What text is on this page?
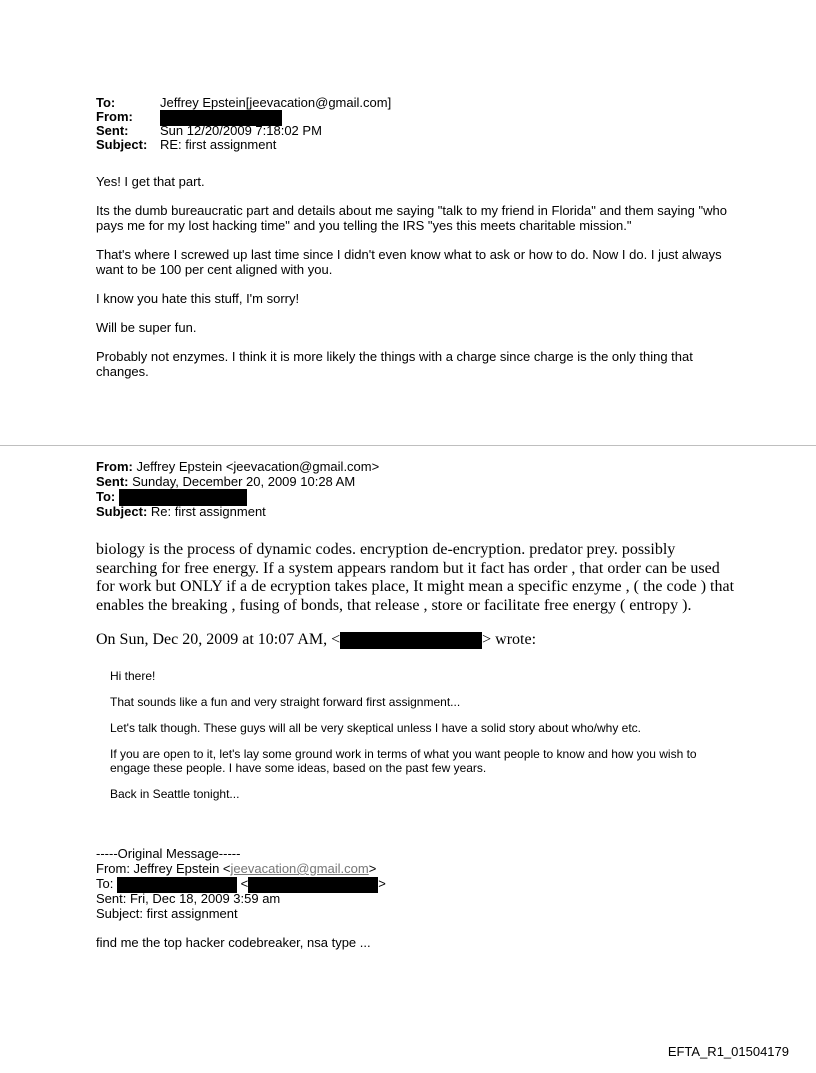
To:	Jeffrey Epstein[jeevacation@gmail.com]
From:
Sent:	Sun 12/20/2009 7:18:02 PM
Subject: RE: first assignment

Yes! I get that part.

Its the dumb bureaucratic part and details about me saying "talk to my friend in Florida" and them saying "who pays me for my lost hacking time" and you telling the IRS "yes this meets charitable mission."

That's where I screwed up last time since I didn't even know what to ask or how to do. Now I do. I just always want to be 100 per cent aligned with you.

I know you hate this stuff, I'm sorry!

Will be super fun.

Probably not enzymes. I think it is more likely the things with a charge since charge is the only thing that changes.

From: Jeffrey Epstein <jeevacation@gmail.com>
Sent: Sunday, December 20, 2009 10:28 AM
To:
Subject: Re: first assignment

biology is the process of dynamic codes. encryption de-encryption. predator prey. possibly searching for free energy. If a system appears random but it fact has order , that order can be used for work but ONLY if a de ecryption takes place, It might mean a specific enzyme , ( the code ) that enables the breaking , fusing of bonds, that release , store or facilitate free energy ( entropy ).

On Sun, Dec 20, 2009 at 10:07 AM, <	> wrote:

Hi there!

That sounds like a fun and very straight forward first assignment...

Let's talk though. These guys will all be very skeptical unless I have a solid story about who/why etc.

If you are open to it, let's lay some ground work in terms of what you want people to know and how you wish to engage these people. I have some ideas, based on the past few years.

Back in Seattle tonight...

-----Original Message-----
From: Jeffrey Epstein <jeevacation@gmail.com>
To:	<	>
Sent: Fri, Dec 18, 2009 3:59 am
Subject: first assignment
find me the top hacker codebreaker, nsa type ...
EFTA_R1_01504179
